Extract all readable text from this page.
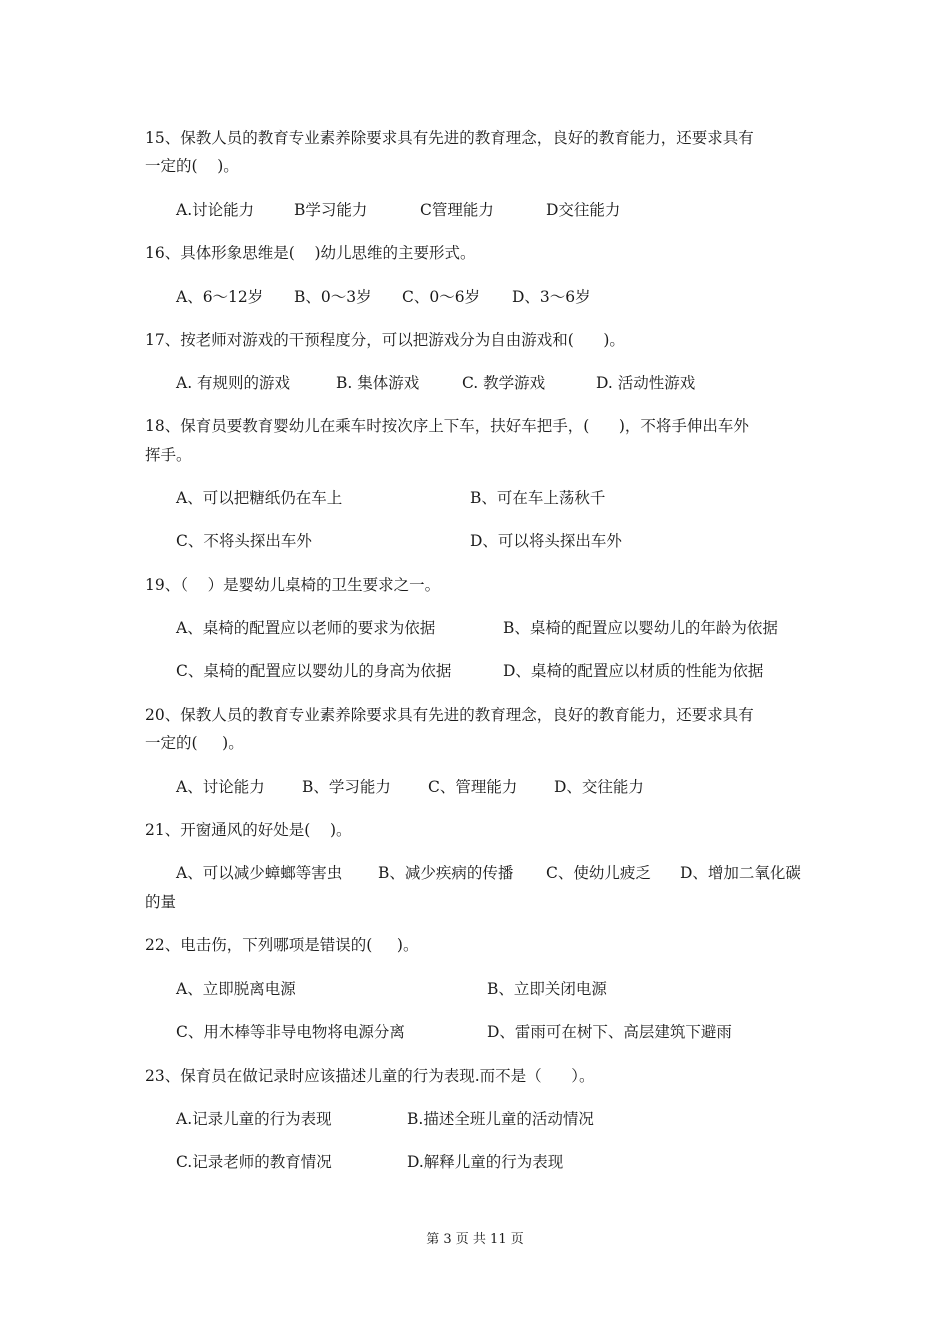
15、保教人员的教育专业素养除要求具有先进的教育理念，良好的教育能力，还要求具有
一定的(    )。
A.讨论能力	B学习能力	C管理能力	D交往能力
16、具体形象思维是(    )幼儿思维的主要形式。
A、6～12岁 B、0～3岁 C、0～6岁 D、3～6岁
17、按老师对游戏的干预程度分，可以把游戏分为自由游戏和(      )。
A. 有规则的游戏	B. 集体游戏	C. 教学游戏	D. 活动性游戏
18、保育员要教育婴幼儿在乘车时按次序上下车，扶好车把手，(      )，不将手伸出车外
挥手。
A、可以把糖纸仍在车上	B、可在车上荡秋千
C、不将头探出车外	D、可以将头探出车外
19、（    ）是婴幼儿桌椅的卫生要求之一。
A、桌椅的配置应以老师的要求为依据	B、桌椅的配置应以婴幼儿的年龄为依据
C、桌椅的配置应以婴幼儿的身高为依据	D、桌椅的配置应以材质的性能为依据
20、保教人员的教育专业素养除要求具有先进的教育理念，良好的教育能力，还要求具有
一定的(     )。
A、讨论能力 B、学习能力 C、管理能力 D、交往能力
21、开窗通风的好处是(    )。
A、可以减少蟑螂等害虫 B、减少疾病的传播 C、使幼儿疲乏 D、增加二氧化碳
的量
22、电击伤，下列哪项是错误的(     )。
A、立即脱离电源	B、立即关闭电源
C、用木棒等非导电物将电源分离	D、雷雨可在树下、高层建筑下避雨
23、保育员在做记录时应该描述儿童的行为表现.而不是（      ）。
A.记录儿童的行为表现	B.描述全班儿童的活动情况
C.记录老师的教育情况	D.解释儿童的行为表现
第 3 页 共 11 页
